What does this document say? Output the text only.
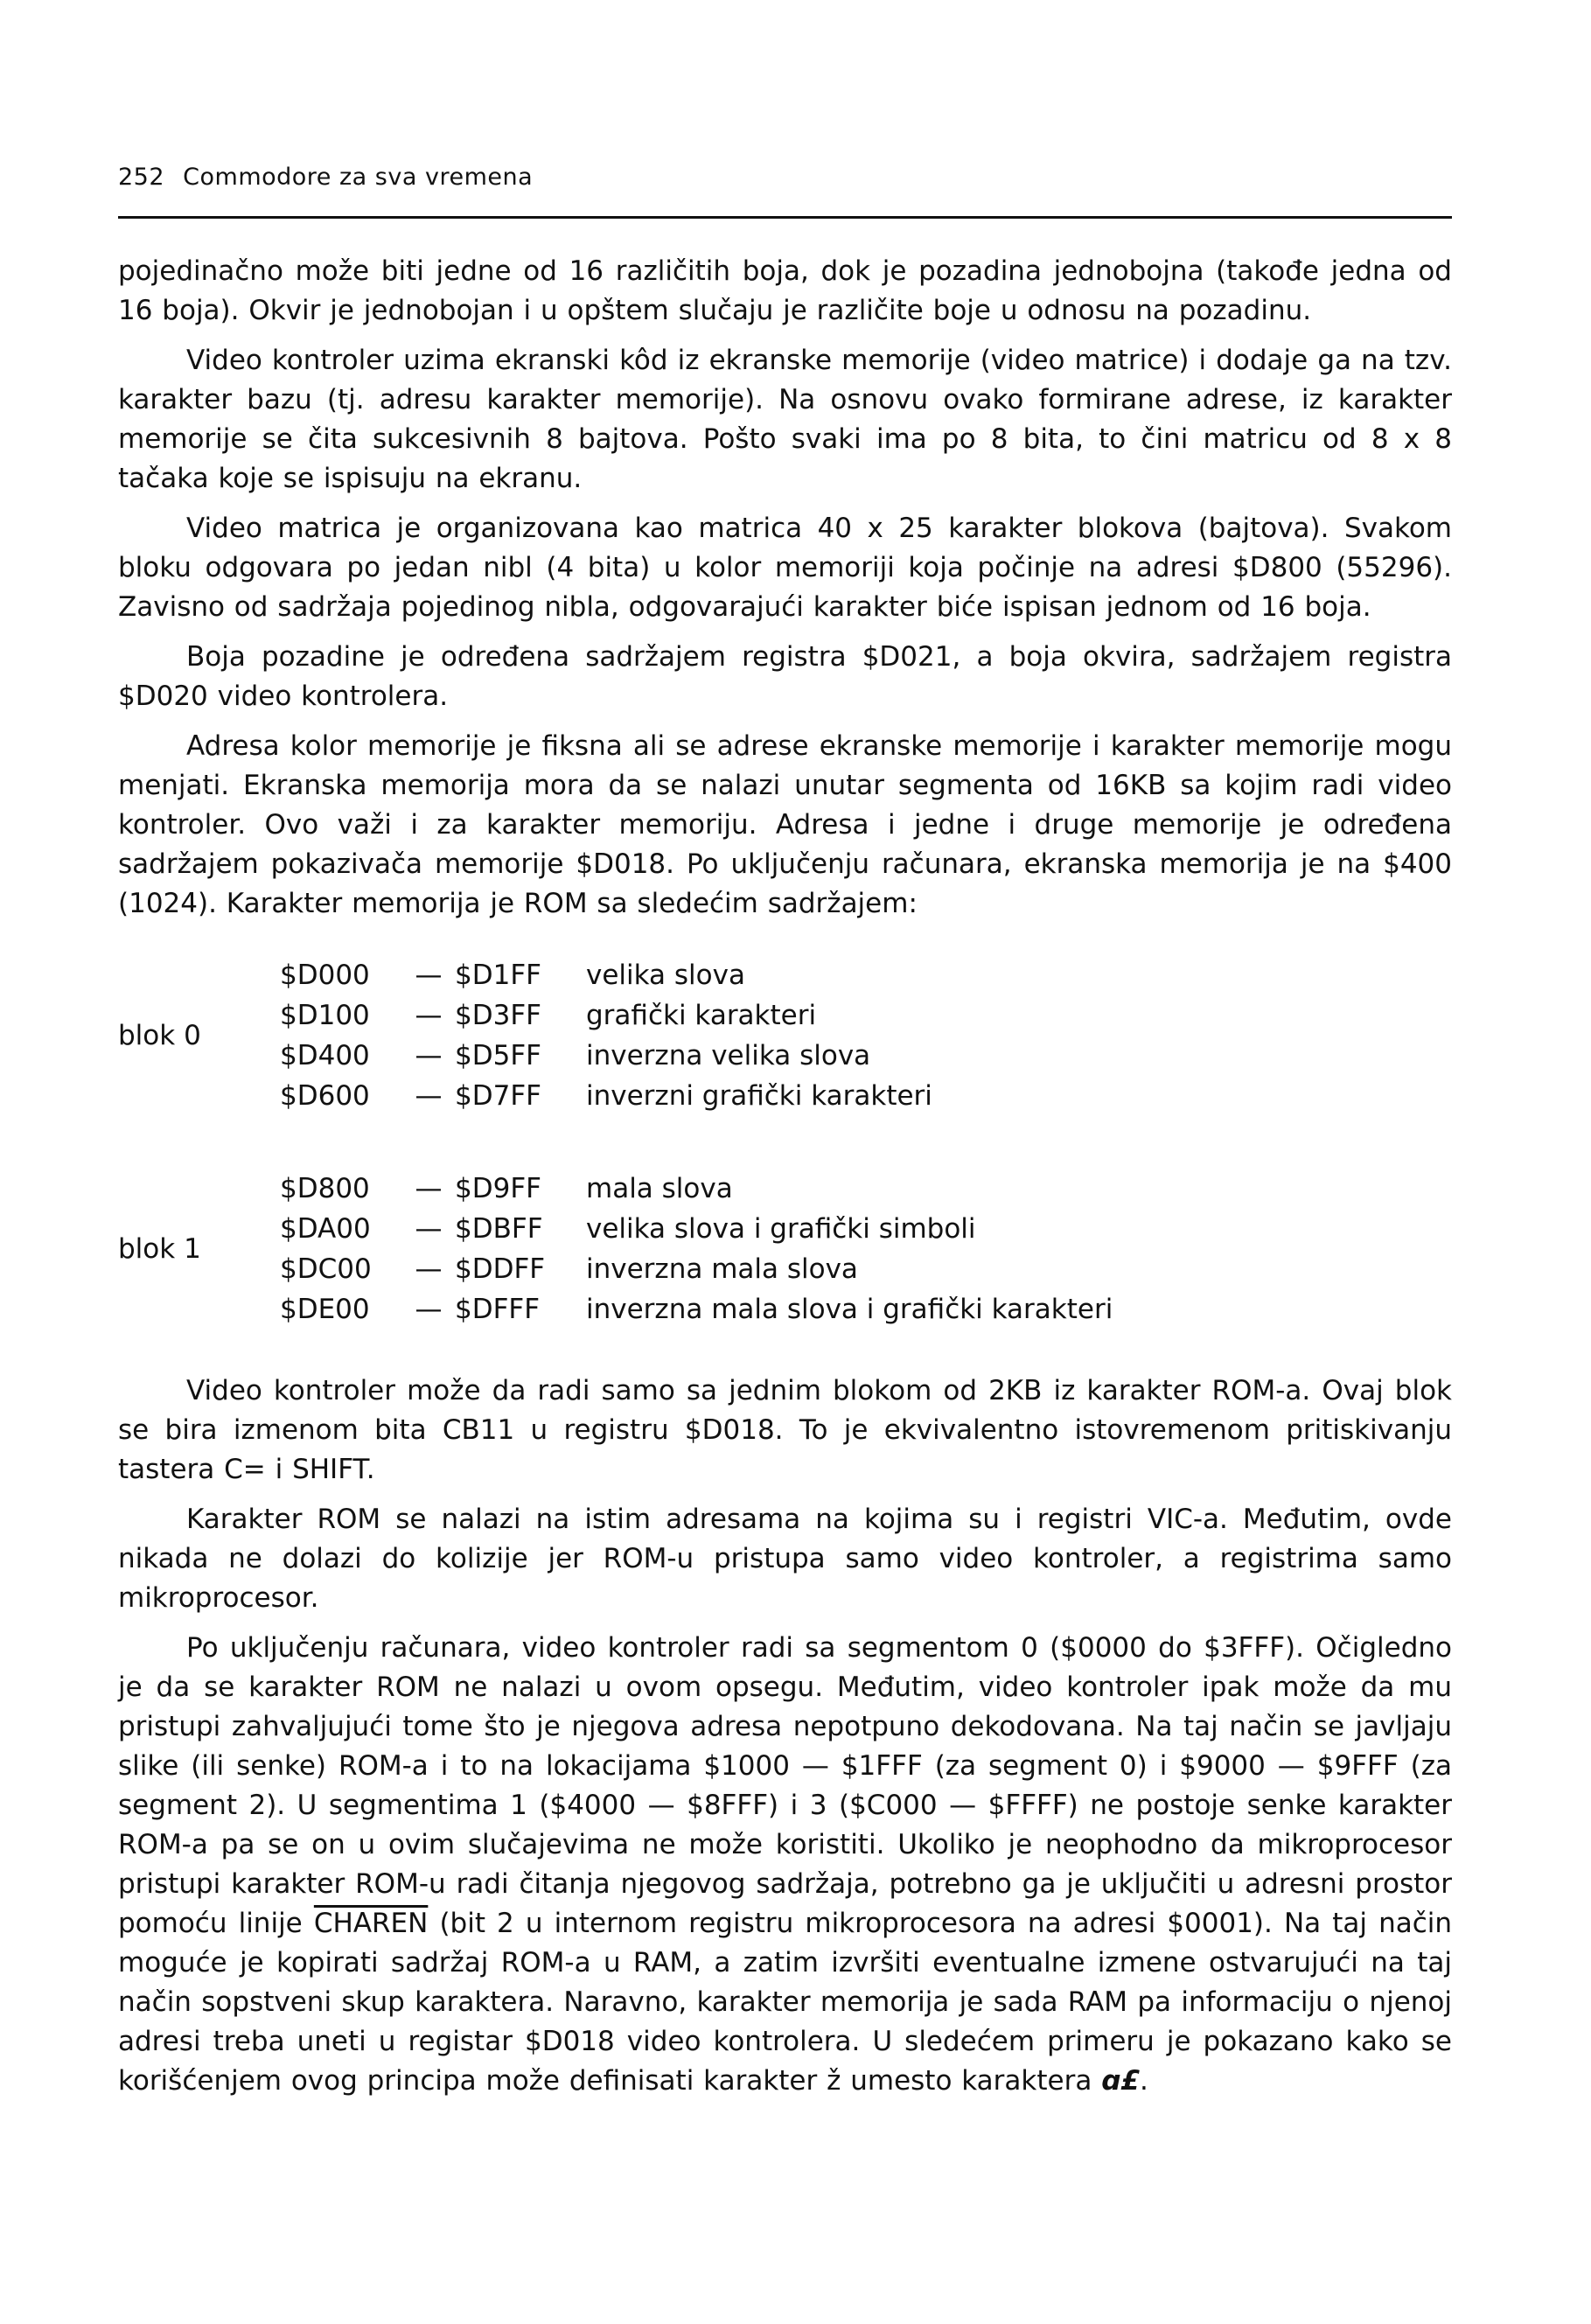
252 Commodore za sva vremena

pojedinačno može biti jedne od 16 različitih boja, dok je pozadina jednobojna (takođe jedna od 16 boja). Okvir je jednobojan i u opštem slučaju je različite boje u odnosu na pozadinu.

Video kontroler uzima ekranski kôd iz ekranske memorije (video matrice) i dodaje ga na tzv. karakter bazu (tj. adresu karakter memorije). Na osnovu ovako formirane adrese, iz karakter memorije se čita sukcesivnih 8 bajtova. Pošto svaki ima po 8 bita, to čini matricu od 8 x 8 tačaka koje se ispisuju na ekranu.

Video matrica je organizovana kao matrica 40 x 25 karakter blokova (bajtova). Svakom bloku odgovara po jedan nibl (4 bita) u kolor memoriji koja počinje na adresi $D800 (55296). Zavisno od sadržaja pojedinog nibla, odgovarajući karakter biće ispisan jednom od 16 boja.

Boja pozadine je određena sadržajem registra $D021, a boja okvira, sadržajem registra $D020 video kontrolera.

Adresa kolor memorije je fiksna ali se adrese ekranske memorije i karakter memorije mogu menjati. Ekranska memorija mora da se nalazi unutar segmenta od 16KB sa kojim radi video kontroler. Ovo važi i za karakter memoriju. Adresa i jedne i druge memorije je određena sadržajem pokazivača memorije $D018. Po uključenju računara, ekranska memorija je na $400 (1024). Karakter memorija je ROM sa sledećim sadržajem:

blok 0
$D000	— $D1FF	velika slova
$D100	— $D3FF	grafički karakteri
$D400	— $D5FF	inverzna velika slova
$D600	— $D7FF	inverzni grafički karakteri
blok 1
$D800	— $D9FF	mala slova
$DA00	— $DBFF	velika slova i grafički simboli
$DC00	— $DDFF	inverzna mala slova
$DE00	— $DFFF	inverzna mala slova i grafički karakteri

Video kontroler može da radi samo sa jednim blokom od 2KB iz karakter ROM-a. Ovaj blok se bira izmenom bita CB11 u registru $D018. To je ekvivalentno istovremenom pritiskivanju tastera C= i SHIFT.

Karakter ROM se nalazi na istim adresama na kojima su i registri VIC-a. Međutim, ovde nikada ne dolazi do kolizije jer ROM-u pristupa samo video kontroler, a registrima samo mikroprocesor.

Po uključenju računara, video kontroler radi sa segmentom 0 ($0000 do $3FFF). Očigledno je da se karakter ROM ne nalazi u ovom opsegu. Međutim, video kontroler ipak može da mu pristupi zahvaljujući tome što je njegova adresa nepotpuno dekodovana. Na taj način se javljaju slike (ili senke) ROM-a i to na lokacijama $1000 — $1FFF (za segment 0) i $9000 — $9FFF (za segment 2). U segmentima 1 ($4000 — $8FFF) i 3 ($C000 — $FFFF) ne postoje senke karakter ROM-a pa se on u ovim slučajevima ne može koristiti. Ukoliko je neophodno da mikroprocesor pristupi karakter ROM-u radi čitanja njegovog sadržaja, potrebno ga je uključiti u adresni prostor pomoću linije CHAREN (bit 2 u internom registru mikroprocesora na adresi $0001). Na taj način moguće je kopirati sadržaj ROM-a u RAM, a zatim izvršiti eventualne izmene ostvarujući na taj način sopstveni skup karaktera. Naravno, karakter memorija je sada RAM pa informaciju o njenoj adresi treba uneti u registar $D018 video kontrolera. U sledećem primeru je pokazano kako se korišćenjem ovog principa može definisati karakter ž umesto karaktera ɑ£.
